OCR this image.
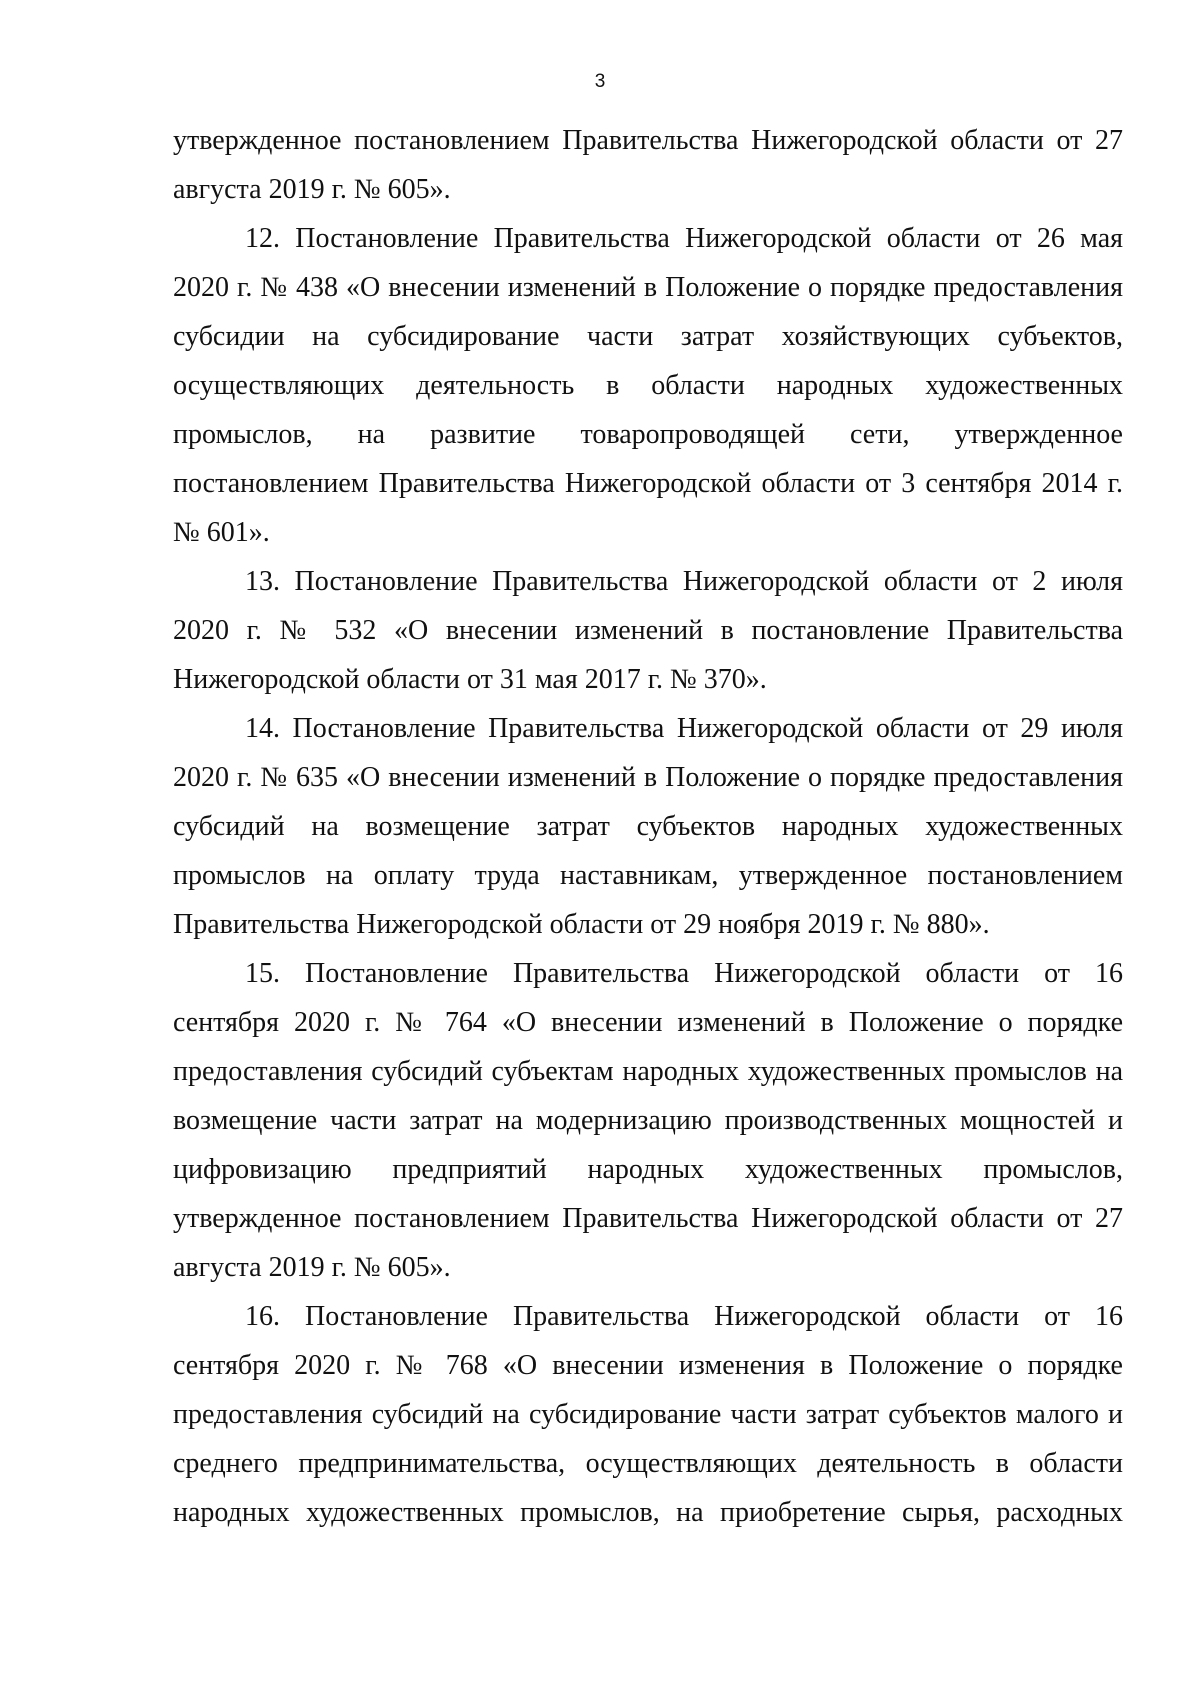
3

утвержденное постановлением Правительства Нижегородской области от 27 августа 2019 г. № 605».

12. Постановление Правительства Нижегородской области от 26 мая 2020 г. № 438 «О внесении изменений в Положение о порядке предоставления субсидии на субсидирование части затрат хозяйствующих субъектов, осуществляющих деятельность в области народных художественных промыслов, на развитие товаропроводящей сети, утвержденное постановлением Правительства Нижегородской области от 3 сентября 2014 г. № 601».

13. Постановление Правительства Нижегородской области от 2 июля 2020 г. № 532 «О внесении изменений в постановление Правительства Нижегородской области от 31 мая 2017 г. № 370».

14. Постановление Правительства Нижегородской области от 29 июля 2020 г. № 635 «О внесении изменений в Положение о порядке предоставления субсидий на возмещение затрат субъектов народных художественных промыслов на оплату труда наставникам, утвержденное постановлением Правительства Нижегородской области от 29 ноября 2019 г. № 880».

15. Постановление Правительства Нижегородской области от 16 сентября 2020 г. № 764 «О внесении изменений в Положение о порядке предоставления субсидий субъектам народных художественных промыслов на возмещение части затрат на модернизацию производственных мощностей и цифровизацию предприятий народных художественных промыслов, утвержденное постановлением Правительства Нижегородской области от 27 августа 2019 г. № 605».

16. Постановление Правительства Нижегородской области от 16 сентября 2020 г. № 768 «О внесении изменения в Положение о порядке предоставления субсидий на субсидирование части затрат субъектов малого и среднего предпринимательства, осуществляющих деятельность в области народных художественных промыслов, на приобретение сырья, расходных
